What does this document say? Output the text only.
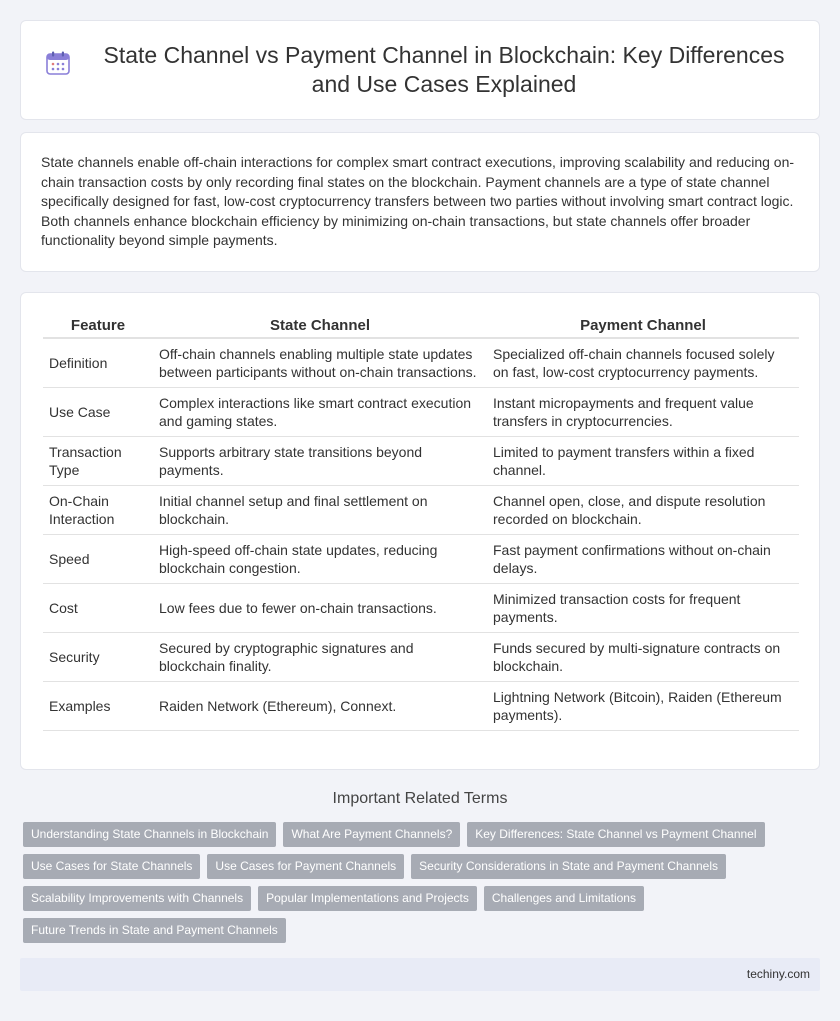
State Channel vs Payment Channel in Blockchain: Key Differences and Use Cases Explained

State channels enable off-chain interactions for complex smart contract executions, improving scalability and reducing on-chain transaction costs by only recording final states on the blockchain. Payment channels are a type of state channel specifically designed for fast, low-cost cryptocurrency transfers between two parties without involving smart contract logic. Both channels enhance blockchain efficiency by minimizing on-chain transactions, but state channels offer broader functionality beyond simple payments.

Feature	State Channel	Payment Channel
Definition	Off-chain channels enabling multiple state updates between participants without on-chain transactions.	Specialized off-chain channels focused solely on fast, low-cost cryptocurrency payments.
Use Case	Complex interactions like smart contract execution and gaming states.	Instant micropayments and frequent value transfers in cryptocurrencies.
Transaction Type	Supports arbitrary state transitions beyond payments.	Limited to payment transfers within a fixed channel.
On-Chain Interaction	Initial channel setup and final settlement on blockchain.	Channel open, close, and dispute resolution recorded on blockchain.
Speed	High-speed off-chain state updates, reducing blockchain congestion.	Fast payment confirmations without on-chain delays.
Cost	Low fees due to fewer on-chain transactions.	Minimized transaction costs for frequent payments.
Security	Secured by cryptographic signatures and blockchain finality.	Funds secured by multi-signature contracts on blockchain.
Examples	Raiden Network (Ethereum), Connext.	Lightning Network (Bitcoin), Raiden (Ethereum payments).
Important Related Terms
Understanding State Channels in Blockchain	What Are Payment Channels?	Key Differences: State Channel vs Payment Channel
Use Cases for State Channels	Use Cases for Payment Channels	Security Considerations in State and Payment Channels
Scalability Improvements with Channels	Popular Implementations and Projects	Challenges and Limitations
Future Trends in State and Payment Channels
techiny.com
